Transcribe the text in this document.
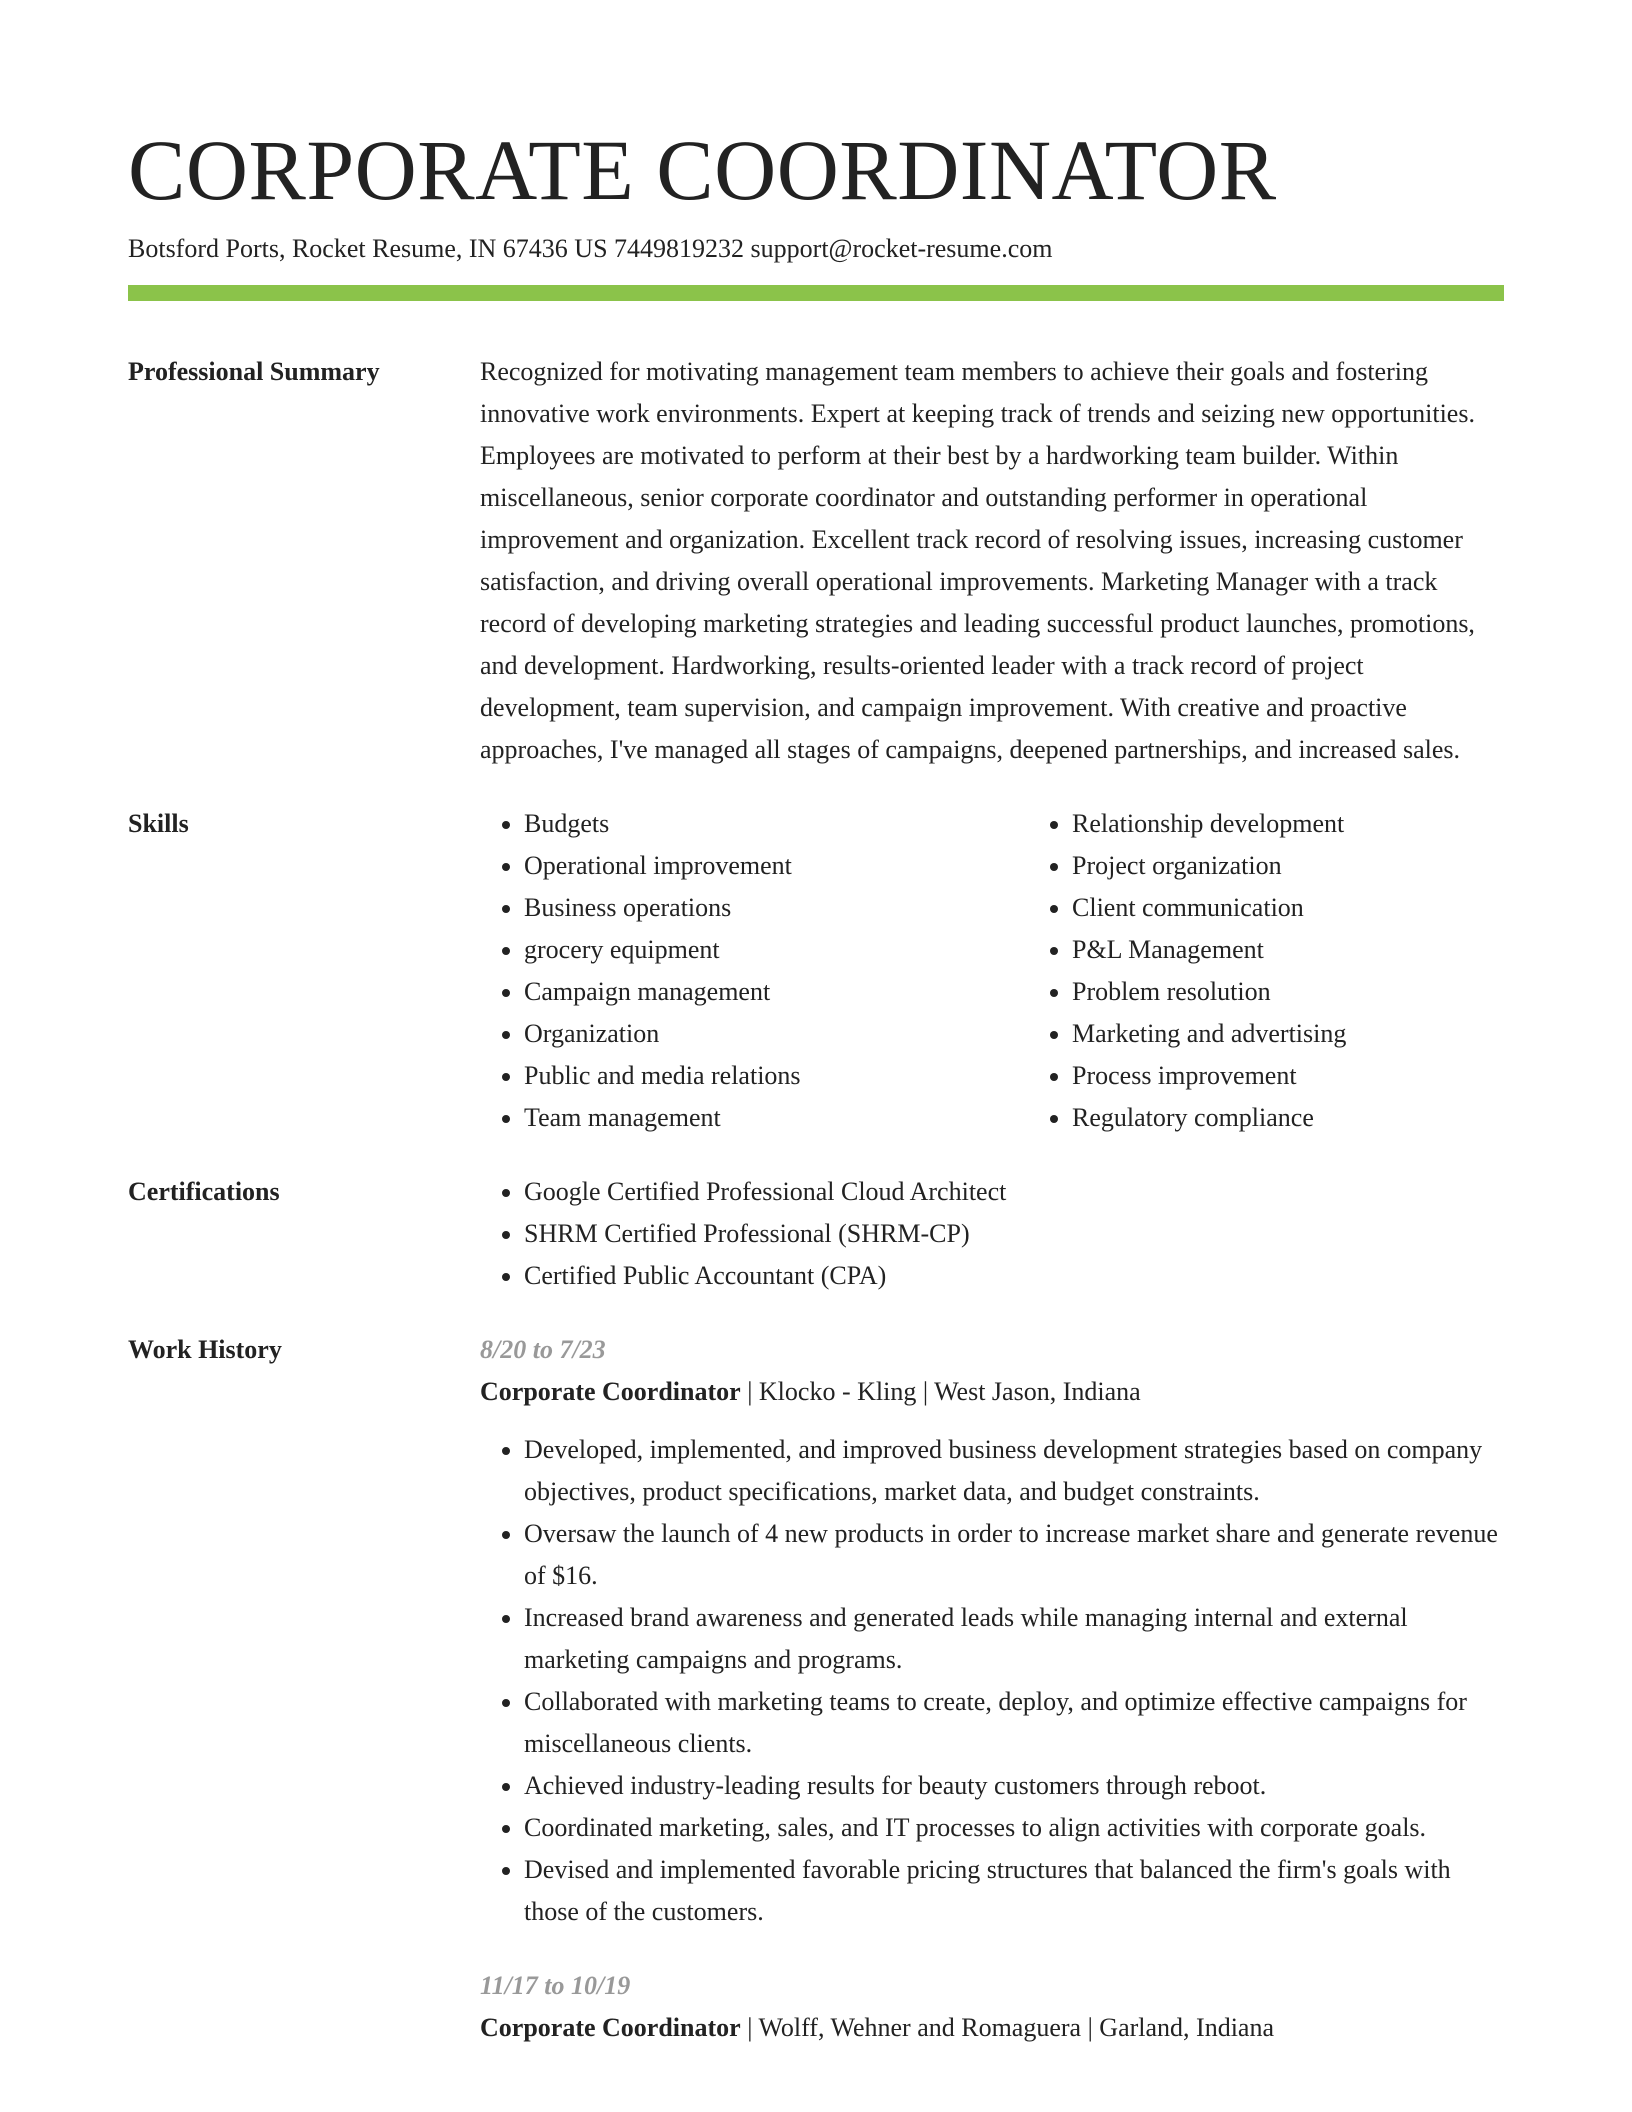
CORPORATE COORDINATOR
Botsford Ports, Rocket Resume, IN 67436 US 7449819232 support@rocket-resume.com
Professional Summary	Recognized for motivating management team members to achieve their goals and fostering innovative work environments. Expert at keeping track of trends and seizing new opportunities. Employees are motivated to perform at their best by a hardworking team builder. Within miscellaneous, senior corporate coordinator and outstanding performer in operational improvement and organization. Excellent track record of resolving issues, increasing customer satisfaction, and driving overall operational improvements. Marketing Manager with a track record of developing marketing strategies and leading successful product launches, promotions, and development. Hardworking, results-oriented leader with a track record of project development, team supervision, and campaign improvement. With creative and proactive approaches, I've managed all stages of campaigns, deepened partnerships, and increased sales.
Skills	• Budgets
• Operational improvement
• Business operations
• grocery equipment
• Campaign management
• Organization
• Public and media relations
• Team management
• Relationship development
• Project organization
• Client communication
• P&L Management
• Problem resolution
• Marketing and advertising
• Process improvement
• Regulatory compliance
Certifications	• Google Certified Professional Cloud Architect
• SHRM Certified Professional (SHRM-CP)
• Certified Public Accountant (CPA)
Work History	8/20 to 7/23
Corporate Coordinator | Klocko - Kling | West Jason, Indiana
• Developed, implemented, and improved business development strategies based on company objectives, product specifications, market data, and budget constraints.
• Oversaw the launch of 4 new products in order to increase market share and generate revenue of $16.
• Increased brand awareness and generated leads while managing internal and external marketing campaigns and programs.
• Collaborated with marketing teams to create, deploy, and optimize effective campaigns for miscellaneous clients.
• Achieved industry-leading results for beauty customers through reboot.
• Coordinated marketing, sales, and IT processes to align activities with corporate goals.
• Devised and implemented favorable pricing structures that balanced the firm's goals with those of the customers.
11/17 to 10/19
Corporate Coordinator | Wolff, Wehner and Romaguera | Garland, Indiana
